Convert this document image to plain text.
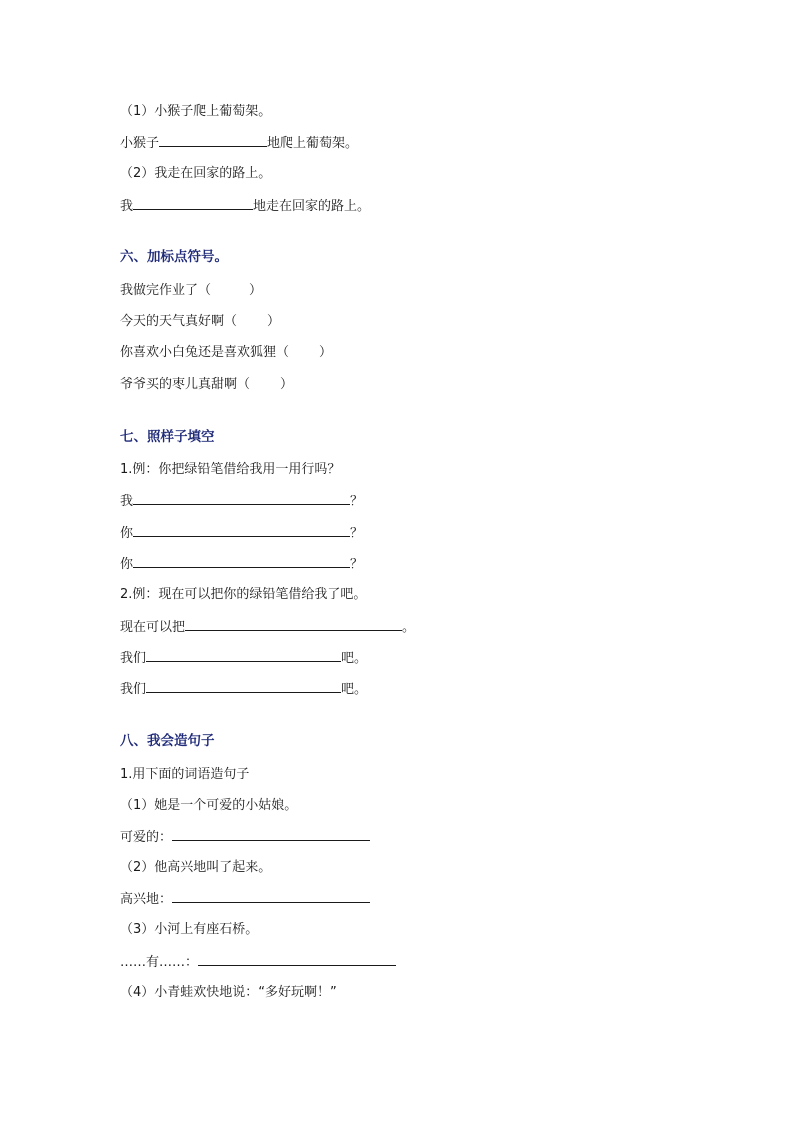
（1）小猴子爬上葡萄架。
小猴子	地爬上葡萄架。
（2）我走在回家的路上。
我	地走在回家的路上。
六、加标点符号。
我做完作业了（	）
今天的天气真好啊（ ）
你喜欢小白兔还是喜欢狐狸（ ）
爷爷买的枣儿真甜啊（ ）
七、照样子填空
1.例：你把绿铅笔借给我用一用行吗？
我	？
你	？
你	？
2.例：现在可以把你的绿铅笔借给我了吧。
现在可以把	。
我们	吧。
我们	吧。
八、我会造句子
1.用下面的词语造句子
（1）她是一个可爱的小姑娘。
可爱的：
（2）他高兴地叫了起来。
高兴地：
（3）小河上有座石桥。
……有……：
（4）小青蛙欢快地说：“多好玩啊！”
